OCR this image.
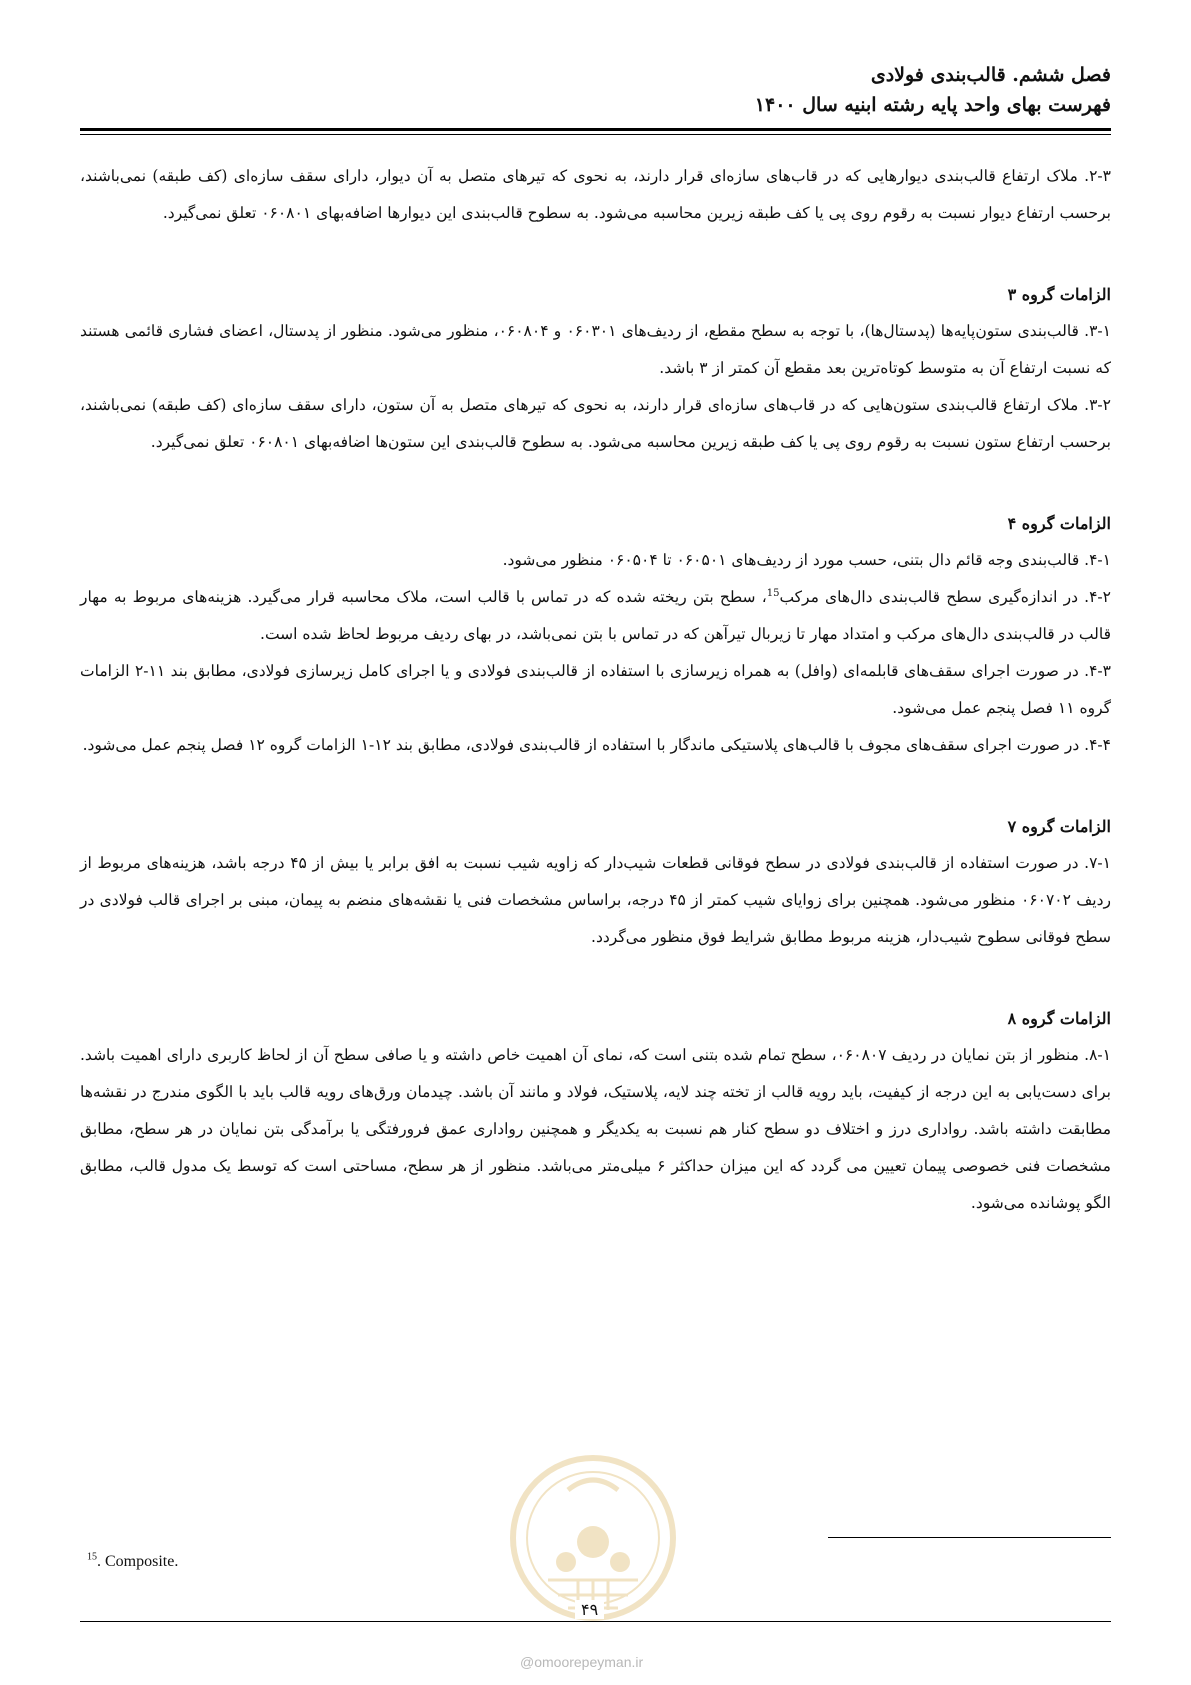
فصل ششم. قالب‌بندی فولادی
فهرست بهای واحد پایه رشته ابنیه سال ۱۴۰۰

۲-۳. ملاک ارتفاع قالب‌بندی دیوارهایی که در قاب‌های سازه‌ای قرار دارند، به نحوی که تیرهای متصل به آن دیوار، دارای سقف سازه‌ای (کف طبقه) نمی‌باشند، برحسب ارتفاع دیوار نسبت به رقوم روی پی یا کف طبقه زیرین محاسبه می‌شود. به سطوح قالب‌بندی این دیوارها اضافه‌بهای ۰۶۰۸۰۱ تعلق نمی‌گیرد.

الزامات گروه ۳

۳-۱. قالب‌بندی ستون‌پایه‌ها (پدستال‌ها)، با توجه به سطح مقطع، از ردیف‌های ۰۶۰۳۰۱ و ۰۶۰۸۰۴، منظور می‌شود. منظور از پدستال، اعضای فشاری قائمی هستند که نسبت ارتفاع آن به متوسط کوتاه‌ترین بعد مقطع آن کمتر از ۳ باشد.

۳-۲. ملاک ارتفاع قالب‌بندی ستون‌هایی که در قاب‌های سازه‌ای قرار دارند، به نحوی که تیرهای متصل به آن ستون، دارای سقف سازه‌ای (کف طبقه) نمی‌باشند، برحسب ارتفاع ستون نسبت به رقوم روی پی یا کف طبقه زیرین محاسبه می‌شود. به سطوح قالب‌بندی این ستون‌ها اضافه‌بهای ۰۶۰۸۰۱ تعلق نمی‌گیرد.

الزامات گروه ۴

۴-۱. قالب‌بندی وجه قائم دال بتنی، حسب مورد از ردیف‌های ۰۶۰۵۰۱ تا ۰۶۰۵۰۴ منظور می‌شود.

۴-۲. در اندازه‌گیری سطح قالب‌بندی دال‌های مرکب$^{15}$، سطح بتن ریخته شده که در تماس با قالب است، ملاک محاسبه قرار می‌گیرد. هزینه‌های مربوط به مهار قالب در قالب‌بندی دال‌های مرکب و امتداد مهار تا زیربال تیرآهن که در تماس با بتن نمی‌باشد، در بهای ردیف مربوط لحاظ شده است.

۴-۳. در صورت اجرای سقف‌های قابلمه‌ای (وافل) به همراه زیرسازی با استفاده از قالب‌بندی فولادی و یا اجرای کامل زیرسازی فولادی، مطابق بند ۱۱-۲ الزامات گروه ۱۱ فصل پنجم عمل می‌شود.

۴-۴. در صورت اجرای سقف‌های مجوف با قالب‌های پلاستیکی ماندگار با استفاده از قالب‌بندی فولادی، مطابق بند ۱۲-۱ الزامات گروه ۱۲ فصل پنجم عمل می‌شود.

الزامات گروه ۷

۷-۱. در صورت استفاده از قالب‌بندی فولادی در سطح فوقانی قطعات شیب‌دار که زاویه شیب نسبت به افق برابر یا بیش از ۴۵ درجه باشد، هزینه‌های مربوط از ردیف ۰۶۰۷۰۲ منظور می‌شود. همچنین برای زوایای شیب کمتر از ۴۵ درجه، براساس مشخصات فنی یا نقشه‌های منضم به پیمان، مبنی بر اجرای قالب فولادی در سطح فوقانی سطوح شیب‌دار، هزینه مربوط مطابق شرایط فوق منظور می‌گردد.

الزامات گروه ۸

۸-۱. منظور از بتن نمایان در ردیف ۰۶۰۸۰۷، سطح تمام شده بتنی است که، نمای آن اهمیت خاص داشته و یا صافی سطح آن از لحاظ کاربری دارای اهمیت باشد. برای دست‌یابی به این درجه از کیفیت، باید رویه قالب از تخته چند لایه، پلاستیک، فولاد و مانند آن باشد. چیدمان ورق‌های رویه قالب باید با الگوی مندرج در نقشه‌ها مطابقت داشته باشد. رواداری درز و اختلاف دو سطح کنار هم نسبت به یکدیگر و همچنین رواداری عمق فرورفتگی یا برآمدگی بتن نمایان در هر سطح، مطابق مشخصات فنی خصوصی پیمان تعیین می گردد که این میزان حداکثر ۶ میلی‌متر می‌باشد. منظور از هر سطح، مساحتی است که توسط یک مدول قالب، مطابق الگو پوشانده می‌شود.

$^{15}$. Composite.
۴۹
@omoorepeyman.ir
